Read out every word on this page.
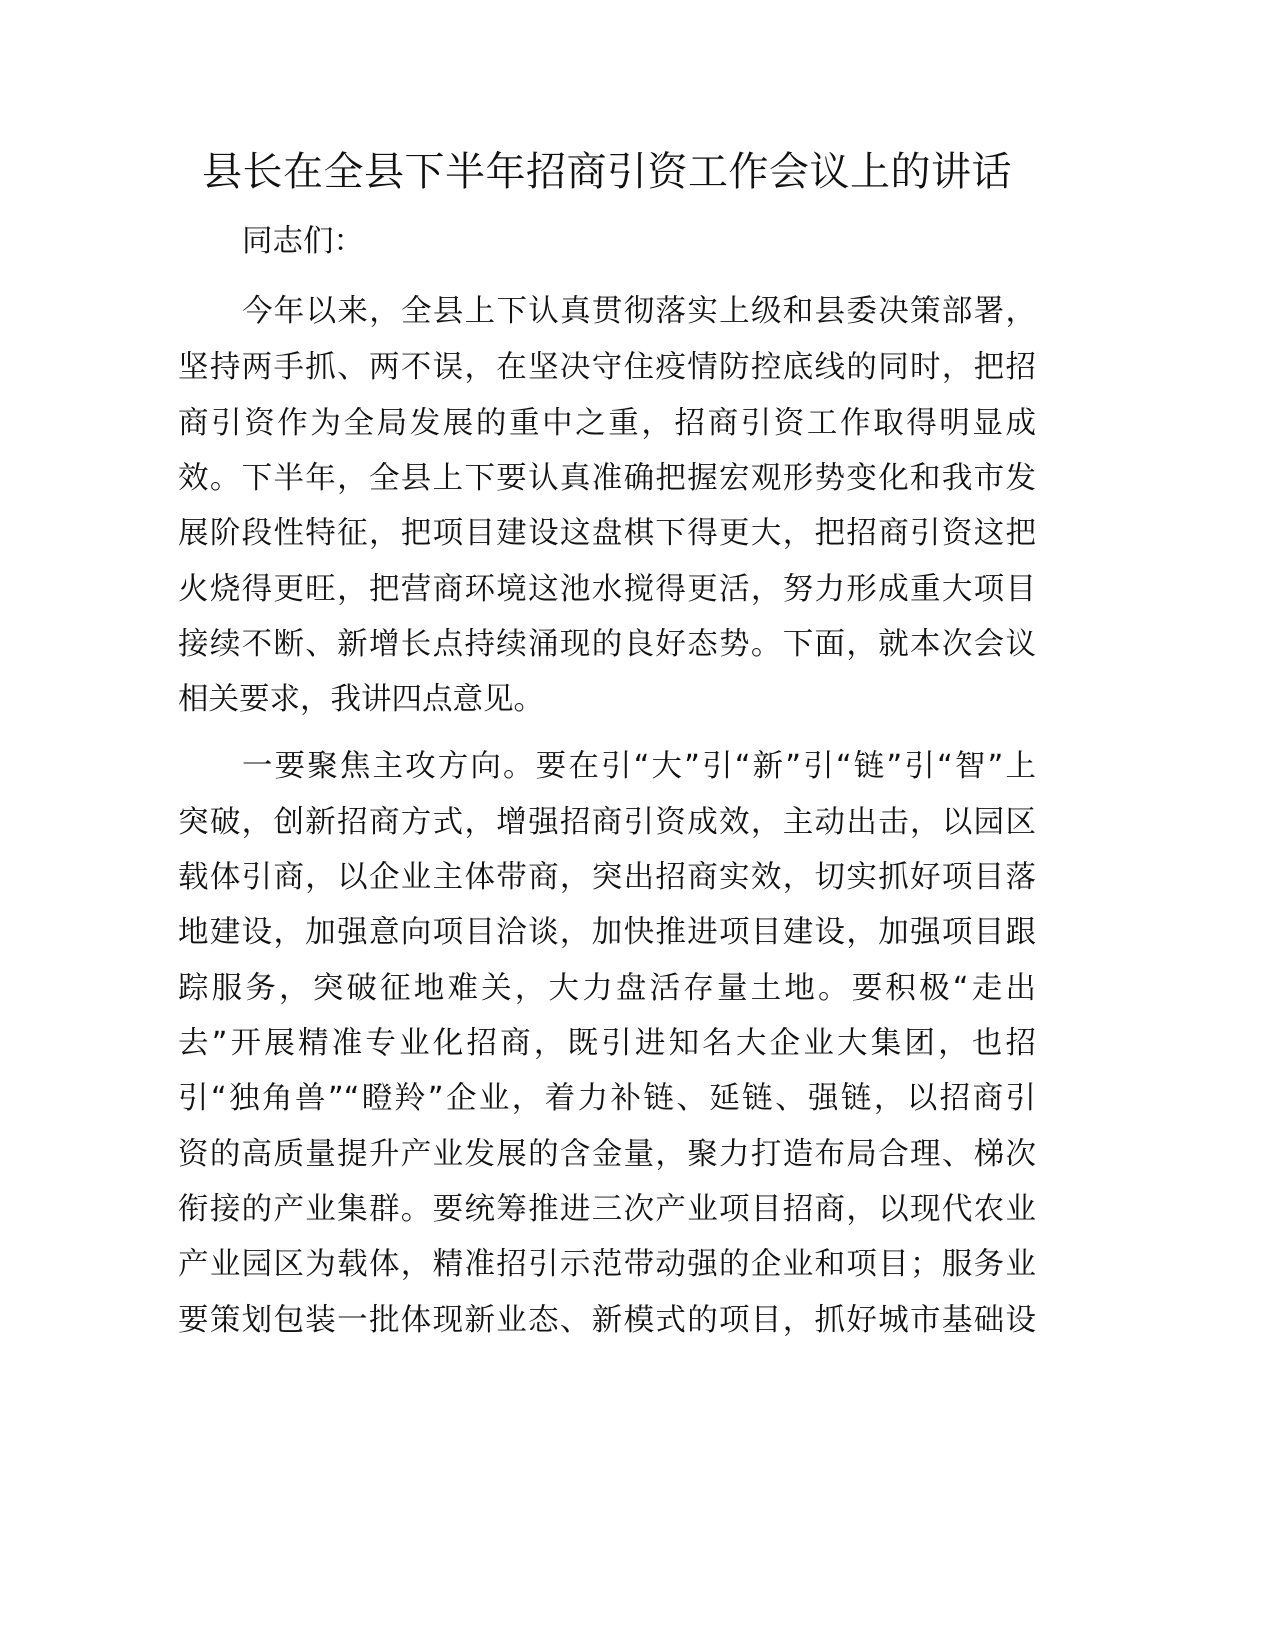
县长在全县下半年招商引资工作会议上的讲话

同志们：

今年以来，全县上下认真贯彻落实上级和县委决策部署，

坚持两手抓、两不误，在坚决守住疫情防控底线的同时，把招

商引资作为全局发展的重中之重，招商引资工作取得明显成

效。下半年，全县上下要认真准确把握宏观形势变化和我市发

展阶段性特征，把项目建设这盘棋下得更大，把招商引资这把

火烧得更旺，把营商环境这池水搅得更活，努力形成重大项目

接续不断、新增长点持续涌现的良好态势。下面，就本次会议

相关要求，我讲四点意见。

一要聚焦主攻方向。要在引“大”引“新”引“链”引“智”上

突破，创新招商方式，增强招商引资成效，主动出击，以园区

载体引商，以企业主体带商，突出招商实效，切实抓好项目落

地建设，加强意向项目洽谈，加快推进项目建设，加强项目跟

踪服务，突破征地难关，大力盘活存量土地。要积极“走出

去”开展精准专业化招商，既引进知名大企业大集团，也招

引“独角兽”“瞪羚”企业，着力补链、延链、强链，以招商引

资的高质量提升产业发展的含金量，聚力打造布局合理、梯次

衔接的产业集群。要统筹推进三次产业项目招商，以现代农业

产业园区为载体，精准招引示范带动强的企业和项目；服务业

要策划包装一批体现新业态、新模式的项目，抓好城市基础设
